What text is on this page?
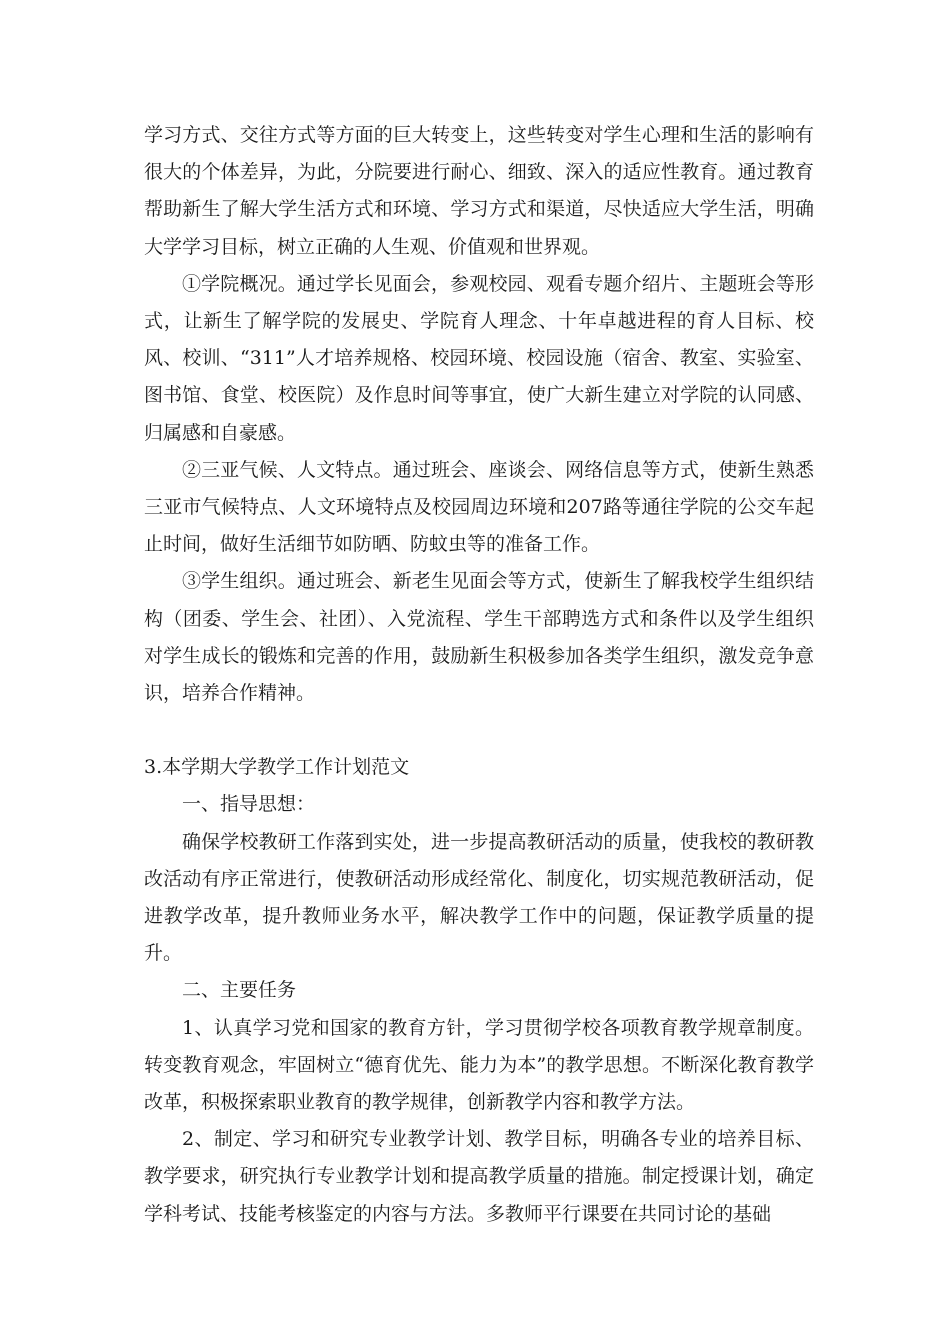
学习方式、交往方式等方面的巨大转变上，这些转变对学生心理和生活的影响有很大的个体差异，为此，分院要进行耐心、细致、深入的适应性教育。通过教育帮助新生了解大学生活方式和环境、学习方式和渠道，尽快适应大学生活，明确大学学习目标，树立正确的人生观、价值观和世界观。

①学院概况。通过学长见面会，参观校园、观看专题介绍片、主题班会等形式，让新生了解学院的发展史、学院育人理念、十年卓越进程的育人目标、校风、校训、“311”人才培养规格、校园环境、校园设施（宿舍、教室、实验室、图书馆、食堂、校医院）及作息时间等事宜，使广大新生建立对学院的认同感、归属感和自豪感。

②三亚气候、人文特点。通过班会、座谈会、网络信息等方式，使新生熟悉三亚市气候特点、人文环境特点及校园周边环境和207路等通往学院的公交车起止时间，做好生活细节如防晒、防蚊虫等的准备工作。

③学生组织。通过班会、新老生见面会等方式，使新生了解我校学生组织结构（团委、学生会、社团）、入党流程、学生干部聘选方式和条件以及学生组织对学生成长的锻炼和完善的作用，鼓励新生积极参加各类学生组织，激发竞争意识，培养合作精神。

3.本学期大学教学工作计划范文

一、指导思想：

确保学校教研工作落到实处，进一步提高教研活动的质量，使我校的教研教改活动有序正常进行，使教研活动形成经常化、制度化，切实规范教研活动，促进教学改革，提升教师业务水平，解决教学工作中的问题，保证教学质量的提升。

二、主要任务

1、认真学习党和国家的教育方针，学习贯彻学校各项教育教学规章制度。转变教育观念，牢固树立“德育优先、能力为本”的教学思想。不断深化教育教学改革，积极探索职业教育的教学规律，创新教学内容和教学方法。

2、制定、学习和研究专业教学计划、教学目标，明确各专业的培养目标、教学要求，研究执行专业教学计划和提高教学质量的措施。制定授课计划，确定学科考试、技能考核鉴定的内容与方法。多教师平行课要在共同讨论的基础
